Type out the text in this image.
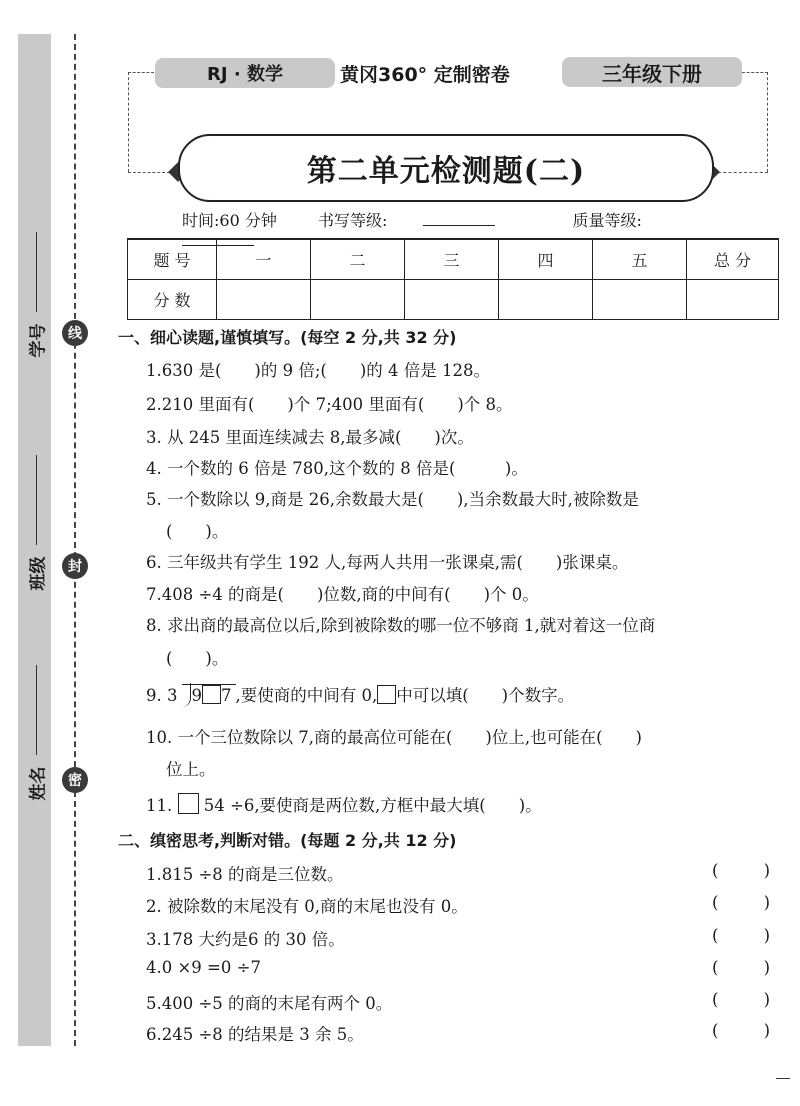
学号
班级
姓名
线
封
密
RJ · 数学	黄冈360° 定制密卷	三年级下册
第二单元检测题(二)
时间:60 分钟	书写等级:	质量等级:
题 号	一	二	三	四	五	总 分
分 数						
一、细心读题,谨慎填写。(每空 2 分,共 32 分)
1.630 是(　　)的 9 倍;(　　)的 4 倍是 128。
2.210 里面有(　　)个 7;400 里面有(　　)个 8。
3. 从 245 里面连续减去 8,最多减(　　)次。
4. 一个数的 6 倍是 780,这个数的 8 倍是(　　　)。
5. 一个数除以 9,商是 26,余数最大是(　　),当余数最大时,被除数是
(　　)。
6. 三年级共有学生 192 人,每两人共用一张课桌,需(　　)张课桌。
7.408 ÷4 的商是(　　)位数,商的中间有(　　)个 0。
8. 求出商的最高位以后,除到被除数的哪一位不够商 1,就对着这一位商
(　　)。
9. 3 9 7 ,要使商的中间有 0, 中可以填(　　)个数字。
10. 一个三位数除以 7,商的最高位可能在(　　)位上,也可能在(　　)
位上。
11. 54 ÷6,要使商是两位数,方框中最大填(　　)。
二、缜密思考,判断对错。(每题 2 分,共 12 分)
1.815 ÷8 的商是三位数。	(	)
2. 被除数的末尾没有 0,商的末尾也没有 0。	(	)
3.178 大约是6 的 30 倍。	(	)
4.0 ×9 =0 ÷7	(	)
5.400 ÷5 的商的末尾有两个 0。	(	)
6.245 ÷8 的结果是 3 余 5。	(	)
